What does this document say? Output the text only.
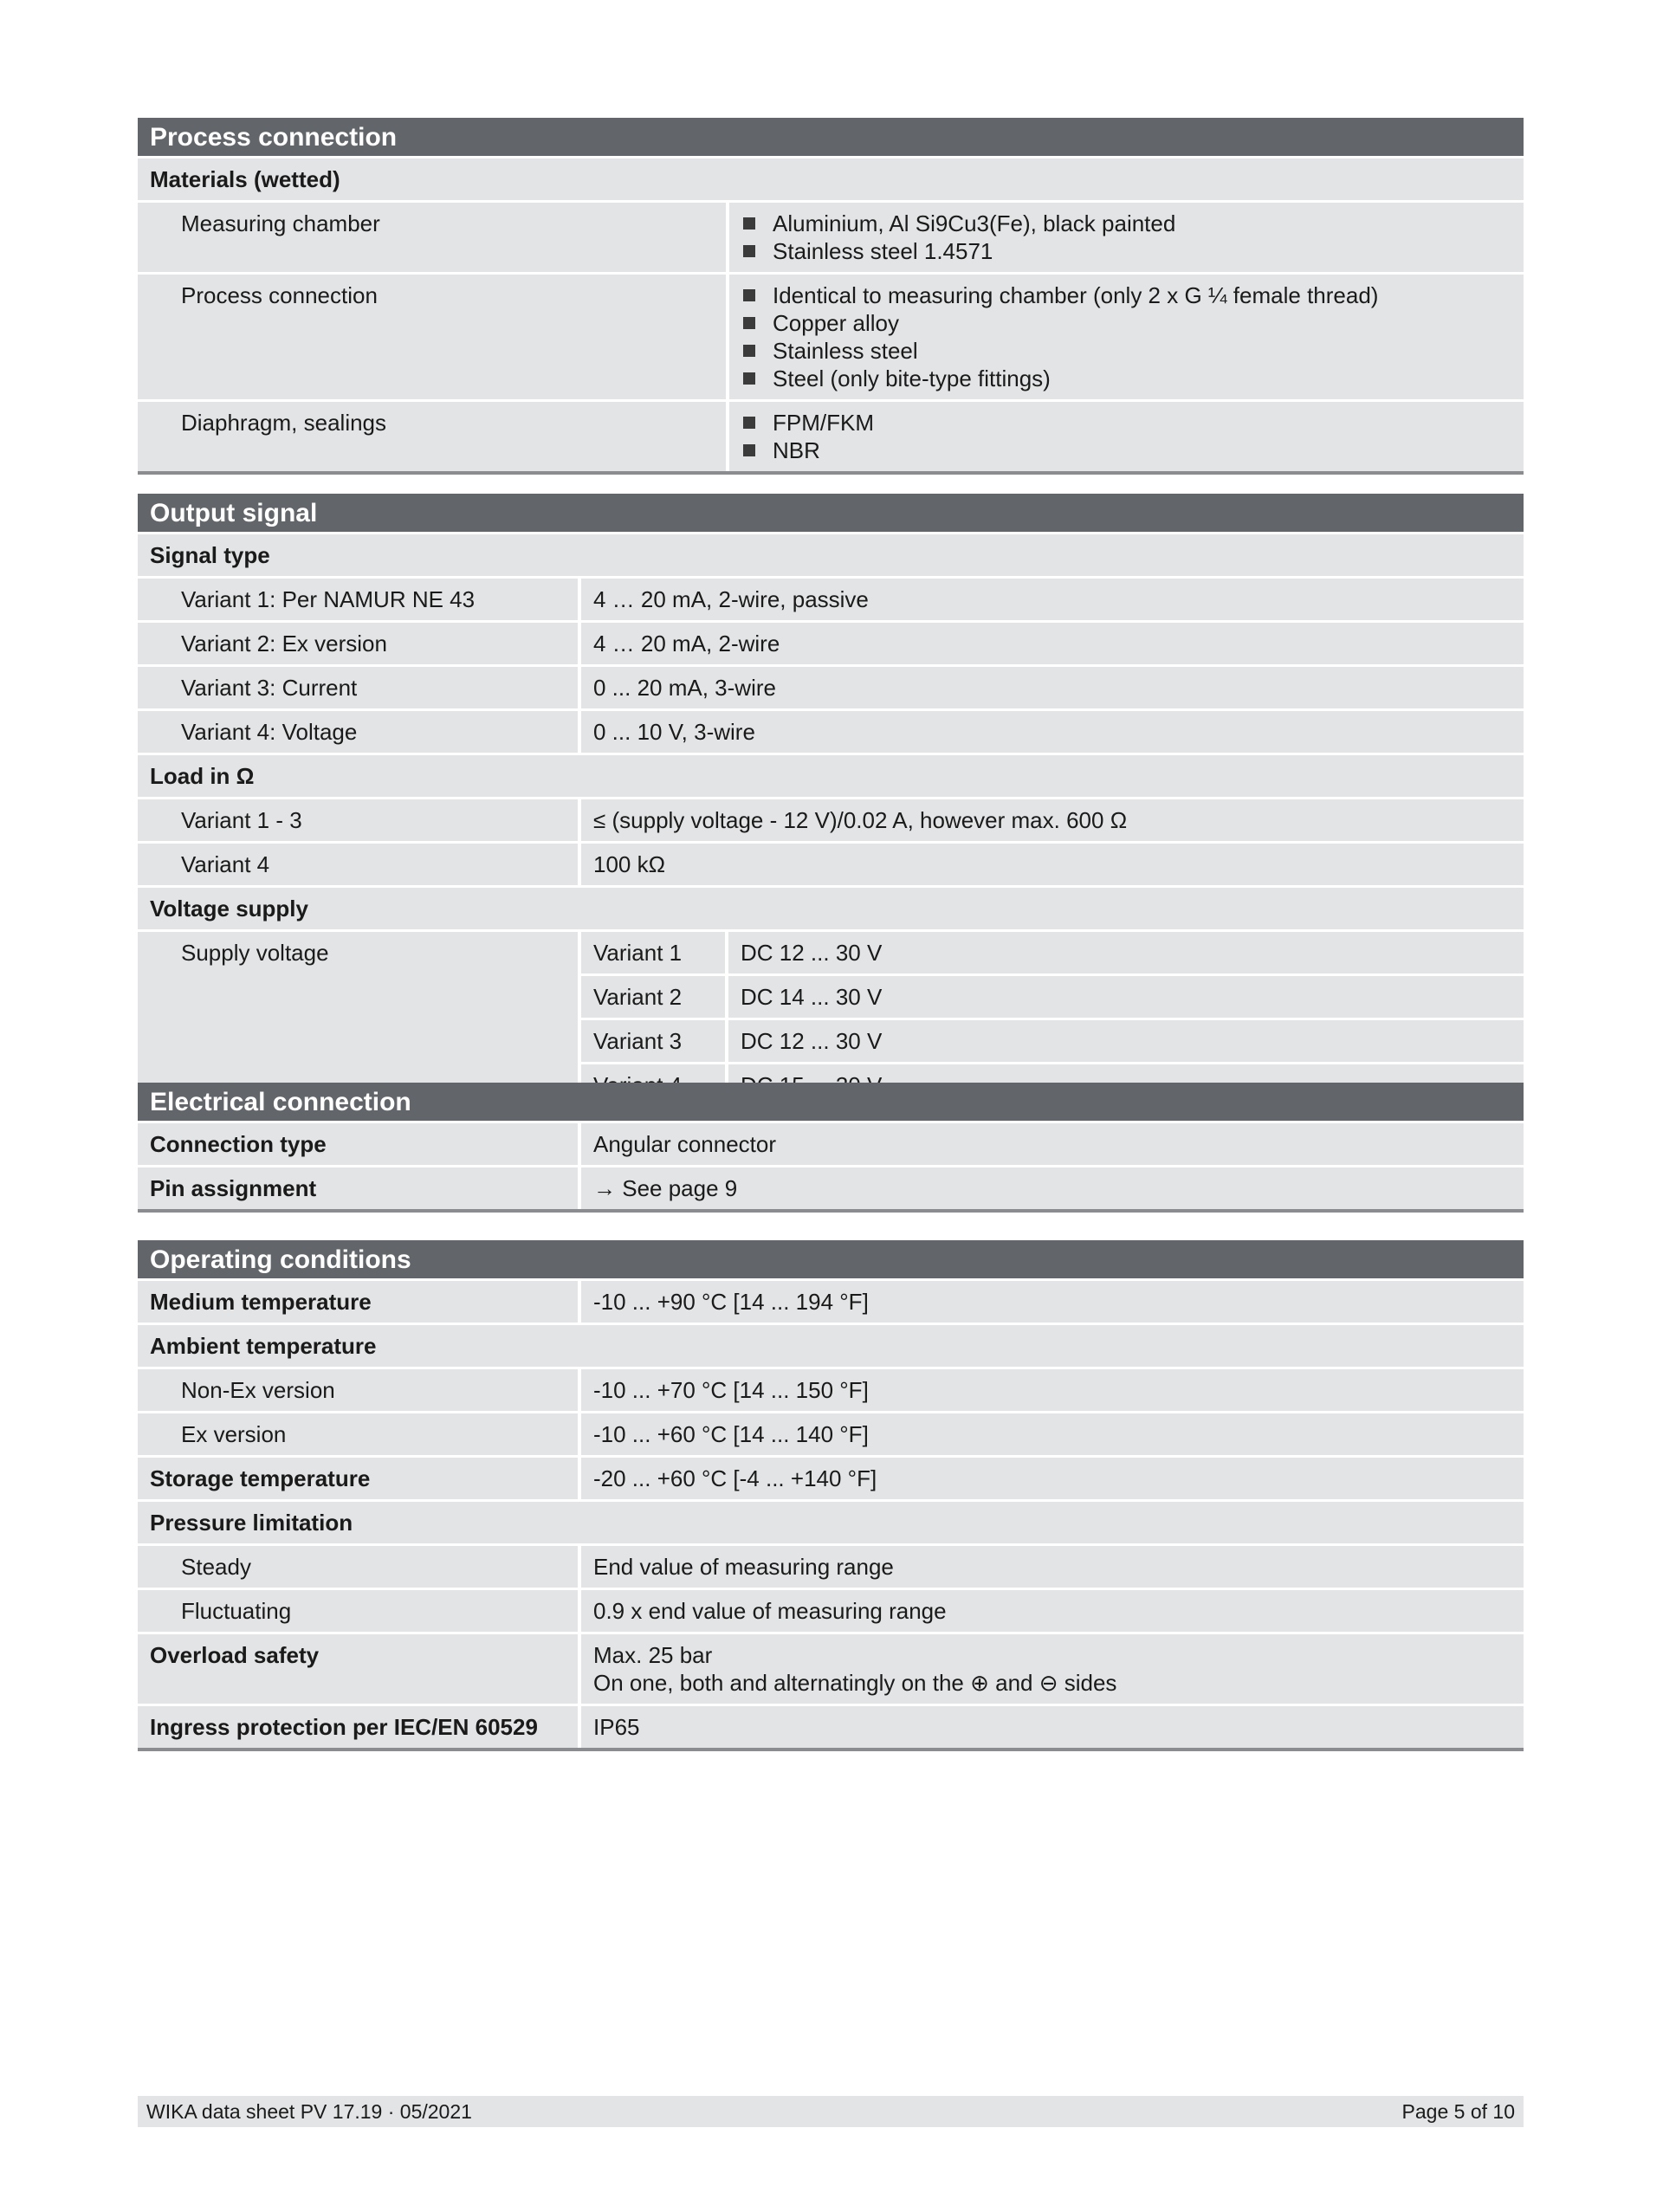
Process connection
Materials (wetted)
Measuring chamber	Aluminium, Al Si9Cu3(Fe), black painted
Stainless steel 1.4571
Process connection	Identical to measuring chamber (only 2 x G ¼ female thread)
Copper alloy
Stainless steel
Steel (only bite-type fittings)
Diaphragm, sealings	FPM/FKM
NBR
Output signal
Signal type
Variant 1: Per NAMUR NE 43	4 … 20 mA, 2-wire, passive
Variant 2: Ex version	4 … 20 mA, 2-wire
Variant 3: Current	0 ... 20 mA, 3-wire
Variant 4: Voltage	0 ... 10 V, 3-wire
Load in Ω
Variant 1 - 3	≤ (supply voltage - 12 V)/0.02 A, however max. 600 Ω
Variant 4	100 kΩ
Voltage supply
Supply voltage	Variant 1	DC 12 ... 30 V
Variant 2	DC 14 ... 30 V
Variant 3	DC 12 ... 30 V
Electrical connection
Connection type	Angular connector
Pin assignment	→ See page 9
Operating conditions
Medium temperature	-10 ... +90 °C [14 ... 194 °F]
Ambient temperature
Non-Ex version	-10 ... +70 °C [14 ... 150 °F]
Ex version	-10 ... +60 °C [14 ... 140 °F]
Storage temperature	-20 ... +60 °C [-4 ... +140 °F]
Pressure limitation
Steady	End value of measuring range
Fluctuating	0.9 x end value of measuring range
Overload safety	Max. 25 bar
On one, both and alternatingly on the ⊕ and ⊖ sides
Ingress protection per IEC/EN 60529	IP65
WIKA data sheet PV 17.19 · 05/2021	Page 5 of 10
